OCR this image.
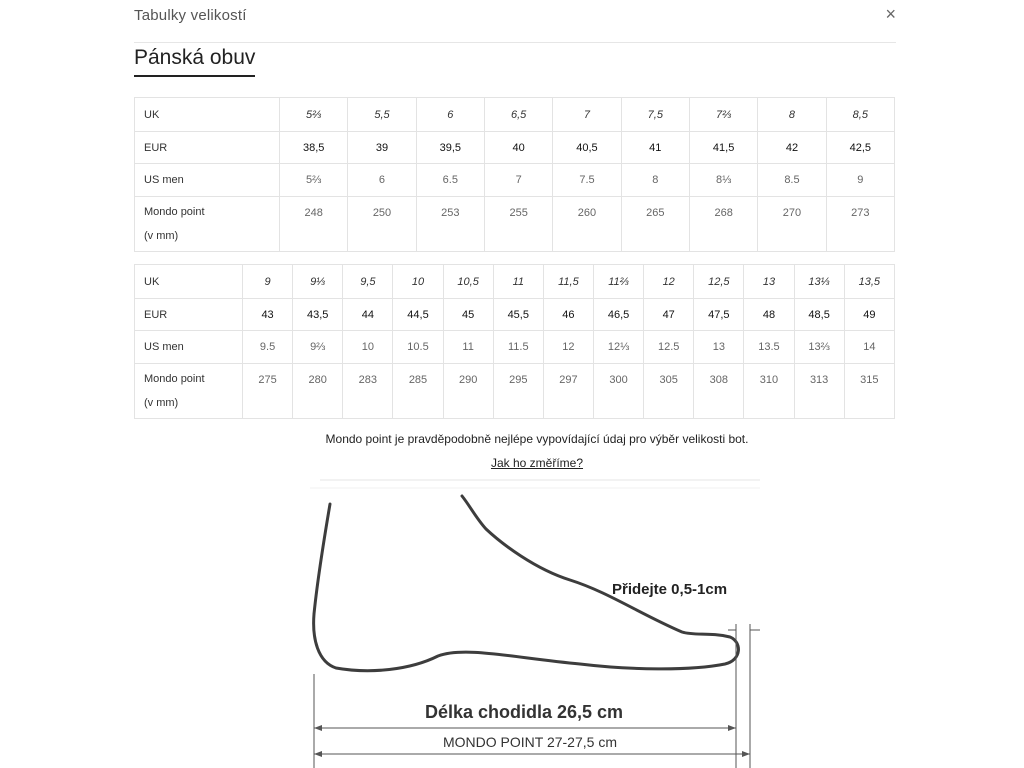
Tabulky velikostí	×
Pánská obuv
UK	5⅔	5,5	6	6,5	7	7,5	7⅔	8	8,5
EUR	38,5	39	39,5	40	40,5	41	41,5	42	42,5
US men	5⅔	6	6.5	7	7.5	8	8⅓	8.5	9

Mondo point
(v mm)	248	250	253	255	260	265	268	270	273
UK	9	9⅓	9,5	10	10,5	11	11,5	11⅔	12	12,5	13	13⅓	13,5
EUR	43	43,5	44	44,5	45	45,5	46	46,5	47	47,5	48	48,5	49
US men	9.5	9⅔	10	10.5	11	11.5	12	12⅓	12.5	13	13.5	13⅔	14

Mondo point
(v mm)	275	280	283	285	290	295	297	300	305	308	310	313	315
Mondo point je pravděpodobně nejlépe vypovídající údaj pro výběr velikosti bot.
Jak ho změříme?
Přidejte 0,5-1cm
Délka chodidla 26,5 cm
MONDO POINT 27-27,5 cm
